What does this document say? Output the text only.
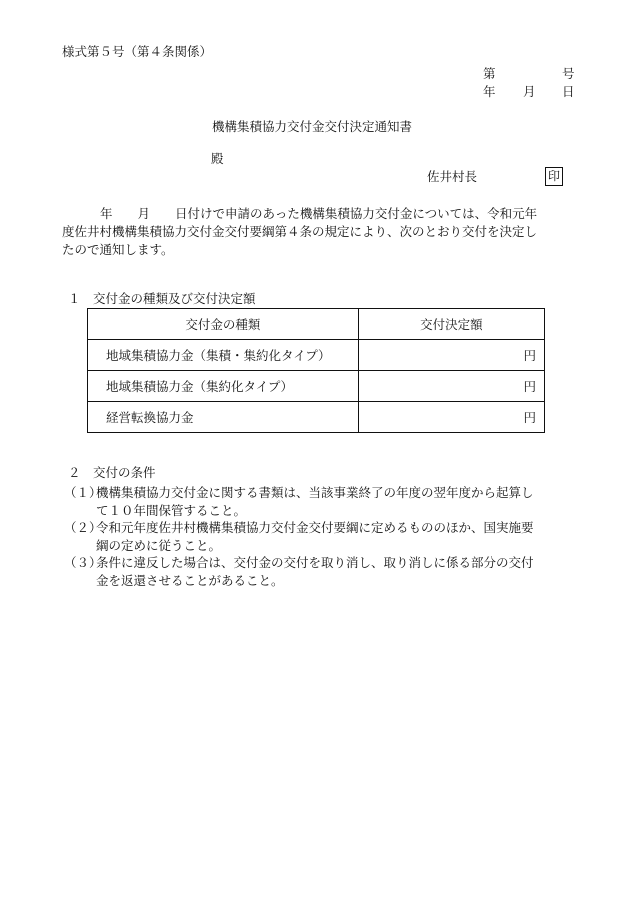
様式第５号（第４条関係）
第	号
年 月 日
機構集積協力交付金交付決定通知書
殿
佐井村長	印
年　　月　　日付けで申請のあった機構集積協力交付金については、令和元年
度佐井村機構集積協力交付金交付要綱第４条の規定により、次のとおり交付を決定し
たので通知します。
１　交付金の種類及び交付決定額
交付金の種類	交付決定額
地域集積協力金（集積・集約化タイプ）	円
地域集積協力金（集約化タイプ）	円
経営転換協力金	円
２　交付の条件
（１）
機構集積協力交付金に関する書類は、当該事業終了の年度の翌年度から起算し
て１０年間保管すること。
（２）
令和元年度佐井村機構集積協力交付金交付要綱に定めるもののほか、国実施要
綱の定めに従うこと。
（３）
条件に違反した場合は、交付金の交付を取り消し、取り消しに係る部分の交付
金を返還させることがあること。
